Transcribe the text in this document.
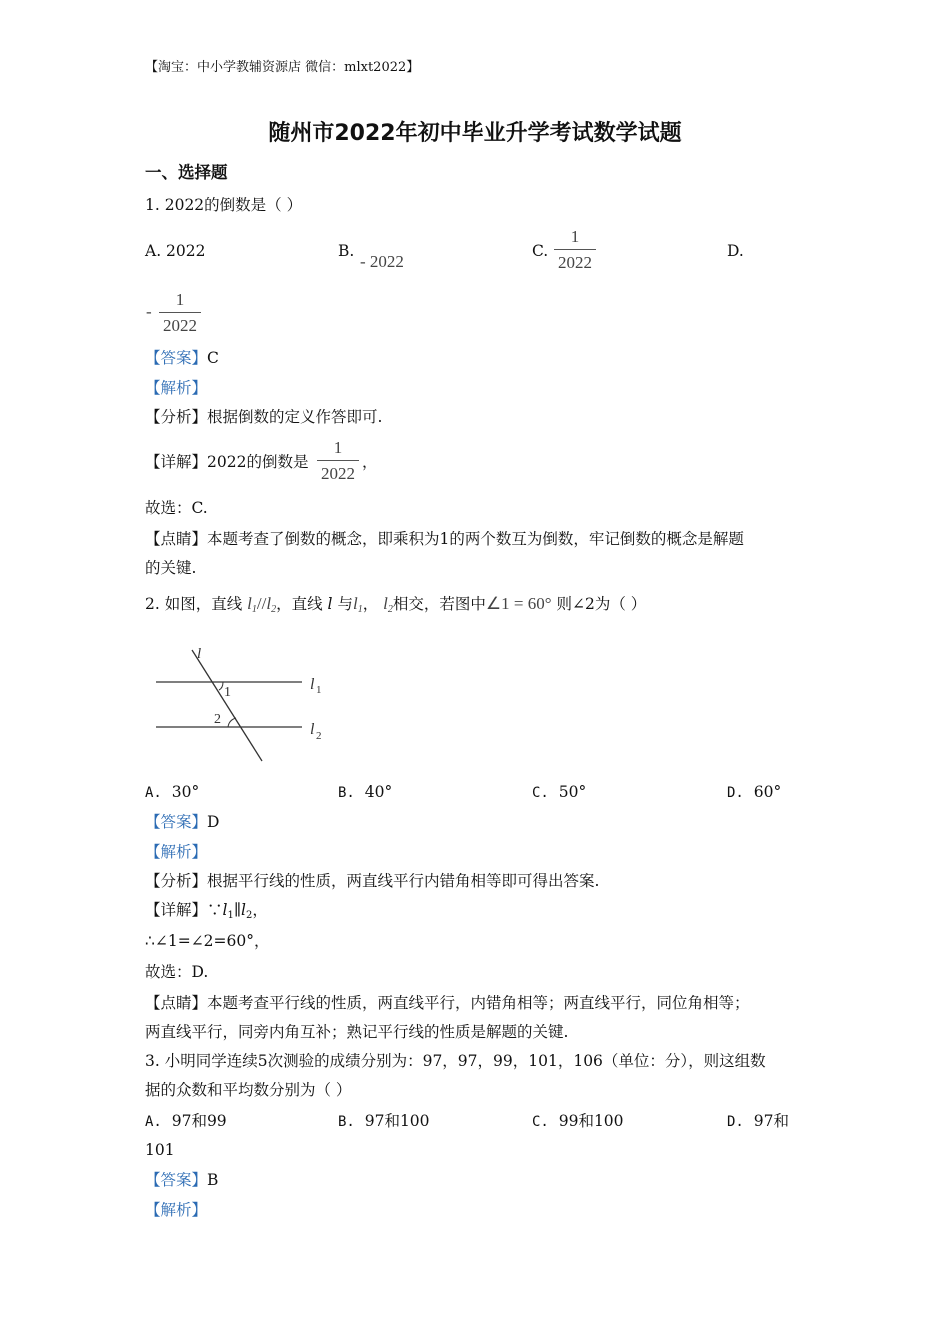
【淘宝：中小学教辅资源店 微信：mlxt2022】
随州市2022年初中毕业升学考试数学试题
一、选择题
1. 2022的倒数是（ ）
A. 2022	B.
- 2022
C.
1
2022
D.
-
1
2022
【答案】C
【解析】
【分析】根据倒数的定义作答即可.
【详解】2022的倒数是
1
2022
，
故选：C.
【点睛】本题考查了倒数的概念，即乘积为1的两个数互为倒数，牢记倒数的概念是解题
的关键.
2. 如图，直线 $l_1//l_2$，直线 l 与$l_1$， $l_2$相交，若图中∠1 = 60° 则∠2为（ ）
l
1
2
l 1
l 2
A. 30°	B. 40°	C. 50°	D. 60°
【答案】D
【解析】
【分析】根据平行线的性质，两直线平行内错角相等即可得出答案.
【详解】$\because l_1\parallel l_2$，
∴∠1=∠2=60°，
故选：D.
【点睛】本题考查平行线的性质，两直线平行，内错角相等；两直线平行，同位角相等；
两直线平行，同旁内角互补；熟记平行线的性质是解题的关键.
3. 小明同学连续5次测验的成绩分别为：97，97，99，101，106（单位：分），则这组数
据的众数和平均数分别为（ ）
A. 97和99	B. 97和100	C. 99和100	D. 97和
101
【答案】B
【解析】
